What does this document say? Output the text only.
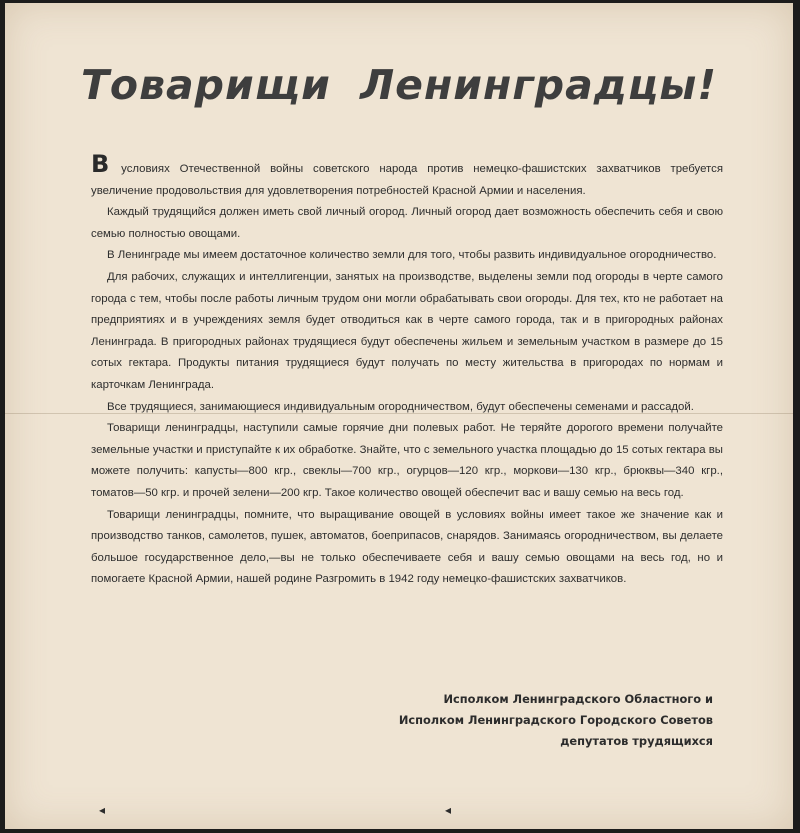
Товарищи Ленинградцы!

В условиях Отечественной войны советского народа против немецко-фашистских захватчиков требуется увеличение продовольствия для удовлетворения потребностей Красной Армии и населения.

Каждый трудящийся должен иметь свой личный огород. Личный огород дает возможность обеспечить себя и свою семью полностью овощами.

В Ленинграде мы имеем достаточное количество земли для того, чтобы развить индивидуальное огородничество.

Для рабочих, служащих и интеллигенции, занятых на производстве, выделены земли под огороды в черте самого города с тем, чтобы после работы личным трудом они могли обрабатывать свои огороды. Для тех, кто не работает на предприятиях и в учреждениях земля будет отводиться как в черте самого города, так и в пригородных районах Ленинграда. В пригородных районах трудящиеся будут обеспечены жильем и земельным участком в размере до 15 сотых гектара. Продукты питания трудящиеся будут получать по месту жительства в пригородах по нормам и карточкам Ленинграда.

Все трудящиеся, занимающиеся индивидуальным огородничеством, будут обеспечены семенами и рассадой.

Товарищи ленинградцы, наступили самые горячие дни полевых работ. Не теряйте дорогого времени получайте земельные участки и приступайте к их обработке. Знайте, что с земельного участка площадью до 15 сотых гектара вы можете получить: капусты—800 кгр., свеклы—700 кгр., огурцов—120 кгр., моркови—130 кгр., брюквы—340 кгр., томатов—50 кгр. и прочей зелени—200 кгр. Такое количество овощей обеспечит вас и вашу семью на весь год.

Товарищи ленинградцы, помните, что выращивание овощей в условиях войны имеет такое же значение как и производство танков, самолетов, пушек, автоматов, боеприпасов, снарядов. Занимаясь огородничеством, вы делаете большое государственное дело,—вы не только обеспечиваете себя и вашу семью овощами на весь год, но и помогаете Красной Армии, нашей родине Разгромить в 1942 году немецко-фашистских захватчиков.

Исполком Ленинградского Областного и
Исполком Ленинградского Городского Советов
депутатов трудящихся
◂	◂
